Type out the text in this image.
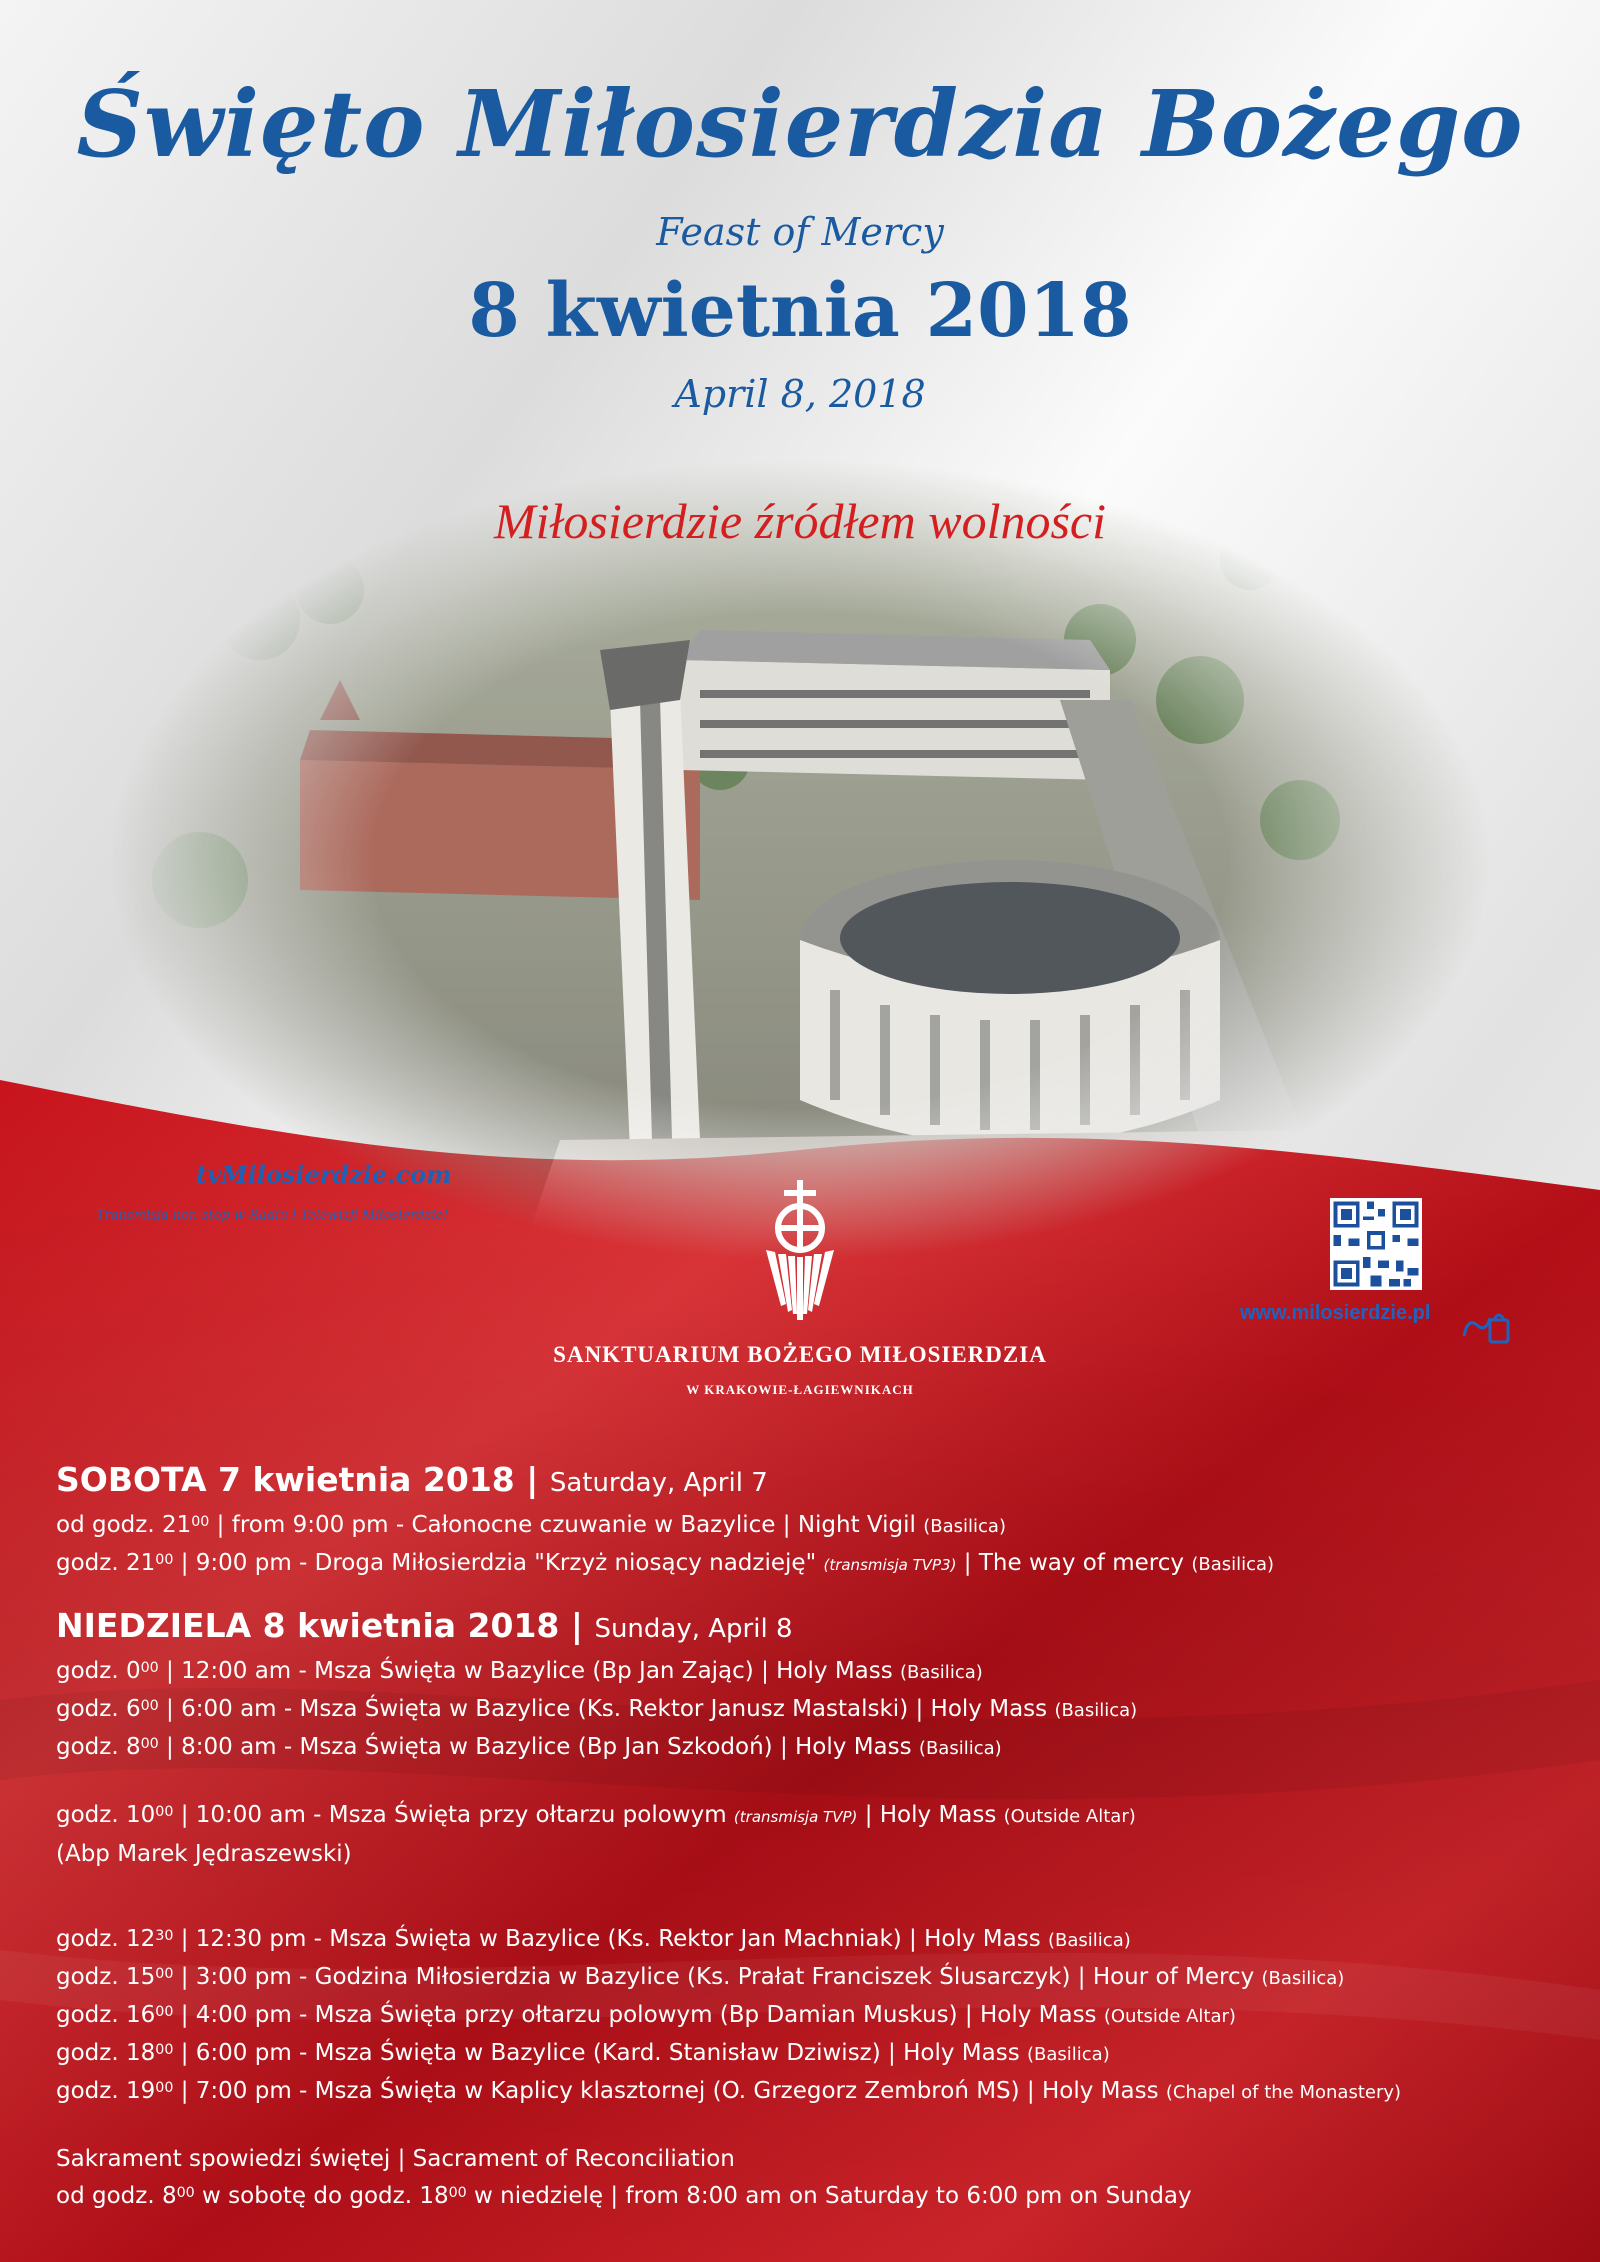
Święto Miłosierdzia Bożego
Feast of Mercy
8 kwietnia 2018
April 8, 2018
Miłosierdzie źródłem wolności
tvMilosierdzie.com
Transmisja non-stop w Radiu i Telewizji Miłosierdzie!
SANKTUARIUM BOŻEGO MIŁOSIERDZIA
W KRAKOWIE-ŁAGIEWNIKACH
www.milosierdzie.pl
SOBOTA 7 kwietnia 2018 | Saturday, April 7
od godz. $21^{00}$ | from 9:00 pm - Całonocne czuwanie w Bazylice | Night Vigil (Basilica)
godz. $21^{00}$ | 9:00 pm - Droga Miłosierdzia "Krzyż niosący nadzieję" (transmisja TVP3) | The way of mercy (Basilica)
NIEDZIELA 8 kwietnia 2018 | Sunday, April 8
godz. $0^{00}$ | 12:00 am - Msza Święta w Bazylice (Bp Jan Zając) | Holy Mass (Basilica)
godz. $6^{00}$ | 6:00 am - Msza Święta w Bazylice (Ks. Rektor Janusz Mastalski) | Holy Mass (Basilica)
godz. $8^{00}$ | 8:00 am - Msza Święta w Bazylice (Bp Jan Szkodoń) | Holy Mass (Basilica)
godz. $10^{00}$ | 10:00 am - Msza Święta przy ołtarzu polowym (transmisja TVP) | Holy Mass (Outside Altar)
(Abp Marek Jędraszewski)
godz. $12^{30}$ | 12:30 pm - Msza Święta w Bazylice (Ks. Rektor Jan Machniak) | Holy Mass (Basilica)
godz. $15^{00}$ | 3:00 pm - Godzina Miłosierdzia w Bazylice (Ks. Prałat Franciszek Ślusarczyk) | Hour of Mercy (Basilica)
godz. $16^{00}$ | 4:00 pm - Msza Święta przy ołtarzu polowym (Bp Damian Muskus) | Holy Mass (Outside Altar)
godz. $18^{00}$ | 6:00 pm - Msza Święta w Bazylice (Kard. Stanisław Dziwisz) | Holy Mass (Basilica)
godz. $19^{00}$ | 7:00 pm - Msza Święta w Kaplicy klasztornej (O. Grzegorz Zembroń MS) | Holy Mass (Chapel of the Monastery)
Sakrament spowiedzi świętej | Sacrament of Reconciliation
od godz. $8^{00}$ w sobotę do godz. $18^{00}$ w niedzielę | from 8:00 am on Saturday to 6:00 pm on Sunday
